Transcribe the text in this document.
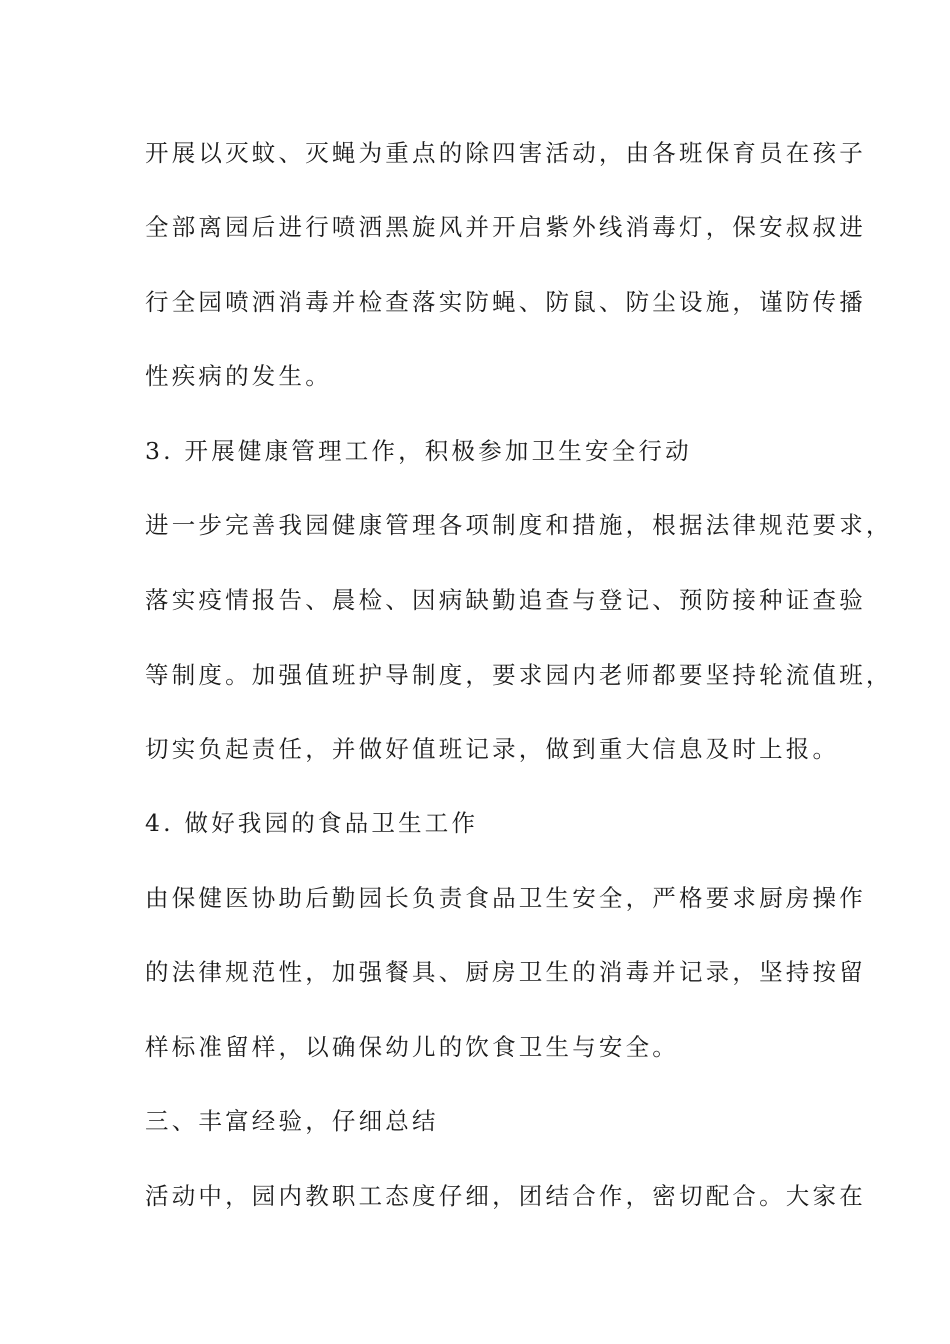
开展以灭蚊、灭蝇为重点的除四害活动，由各班保育员在孩子
全部离园后进行喷洒黑旋风并开启紫外线消毒灯，保安叔叔进
行全园喷洒消毒并检查落实防蝇、防鼠、防尘设施，谨防传播
性疾病的发生。
3. 开展健康管理工作，积极参加卫生安全行动
进一步完善我园健康管理各项制度和措施，根据法律规范要求，
落实疫情报告、晨检、因病缺勤追查与登记、预防接种证查验
等制度。加强值班护导制度，要求园内老师都要坚持轮流值班，
切实负起责任，并做好值班记录，做到重大信息及时上报。
4. 做好我园的食品卫生工作
由保健医协助后勤园长负责食品卫生安全，严格要求厨房操作
的法律规范性，加强餐具、厨房卫生的消毒并记录，坚持按留
样标准留样，以确保幼儿的饮食卫生与安全。
三、丰富经验，仔细总结
活动中，园内教职工态度仔细，团结合作，密切配合。大家在
